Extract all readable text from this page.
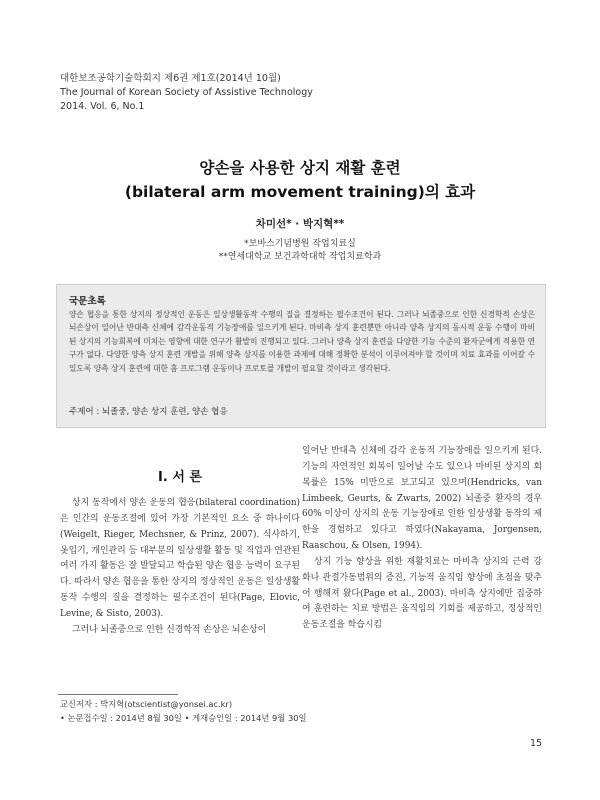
대한보조공학기술학회지 제6권 제1호(2014년 10월)
The Journal of Korean Society of Assistive Technology
2014. Vol. 6, No.1
양손을 사용한 상지 재활 훈련
(bilateral arm movement training)의 효과
차미선* · 박지혁**
*보바스기념병원 작업치료실
**연세대학교 보건과학대학 작업치료학과
국문초록
양손 협응을 통한 상지의 정상적인 운동은 일상생활동작 수행의 질을 결정하는 필수조건이 된다. 그러나 뇌졸중으로 인한 신경학적 손상은 뇌손상이 일어난 반대측 신체에 감각운동적 기능장애를 일으키게 된다. 마비측 상지 훈련뿐만 아니라 양측 상지의 동시적 운동 수행이 마비된 상지의 기능회복에 미치는 영향에 대한 연구가 활발히 진행되고 있다. 그러나 양측 상지 훈련을 다양한 기능 수준의 환자군에게 적용한 연구가 없다. 다양한 양측 상지 훈련 개발을 위해 양측 상지를 이용한 과제에 대해 정확한 분석이 이루어져야 할 것이며 치료 효과를 이어갈 수 있도록 양측 상지 훈련에 대한 홈 프로그램 운동이나 프로토콜 개발이 필요할 것이라고 생각된다.
주제어 : 뇌졸중, 양손 상지 훈련, 양손 협응
I. 서 론

상지 동작에서 양손 운동의 협응(bilateral coordination)은 인간의 운동조절에 있어 가장 기본적인 요소 중 하나이다(Weigelt, Rieger, Mechsner, & Prinz, 2007). 식사하기, 옷입기, 개인관리 등 대부분의 일상생활 활동 및 직업과 연관된 여러 가지 활동은 잘 발달되고 학습된 양손 협응 능력이 요구된다. 따라서 양손 협응을 통한 상지의 정상적인 운동은 일상생활동작 수행의 질을 결정하는 필수조건이 된다(Page, Elovic, Levine, & Sisto, 2003).

그러나 뇌졸중으로 인한 신경학적 손상은 뇌손상이

일어난 반대측 신체에 감각 운동적 기능장애를 일으키게 된다. 기능의 자연적인 회복이 일어날 수도 있으나 마비된 상지의 회복률은 15% 미만으로 보고되고 있으며(Hendricks, van Limbeek, Geurts, & Zwarts, 2002) 뇌졸중 환자의 경우 60% 이상이 상지의 운동 기능장애로 인한 일상생활 동작의 제한을 경험하고 있다고 하였다(Nakayama, Jorgensen, Raaschou, & Olsen, 1994).

상지 기능 향상을 위한 재활치료는 마비측 상지의 근력 강화나 관절가동범위의 증진, 기능적 움직임 향상에 초점을 맞추어 행해져 왔다(Page et al., 2003). 마비측 상지에만 집중하여 훈련하는 치료 방법은 움직임의 기회를 제공하고, 정상적인 운동조절을 학습시킴

교신저자 : 박지혁(otscientist@yonsei.ac.kr)
• 논문접수일 : 2014년 8월 30일 • 게재승인일 : 2014년 9월 30일
15
